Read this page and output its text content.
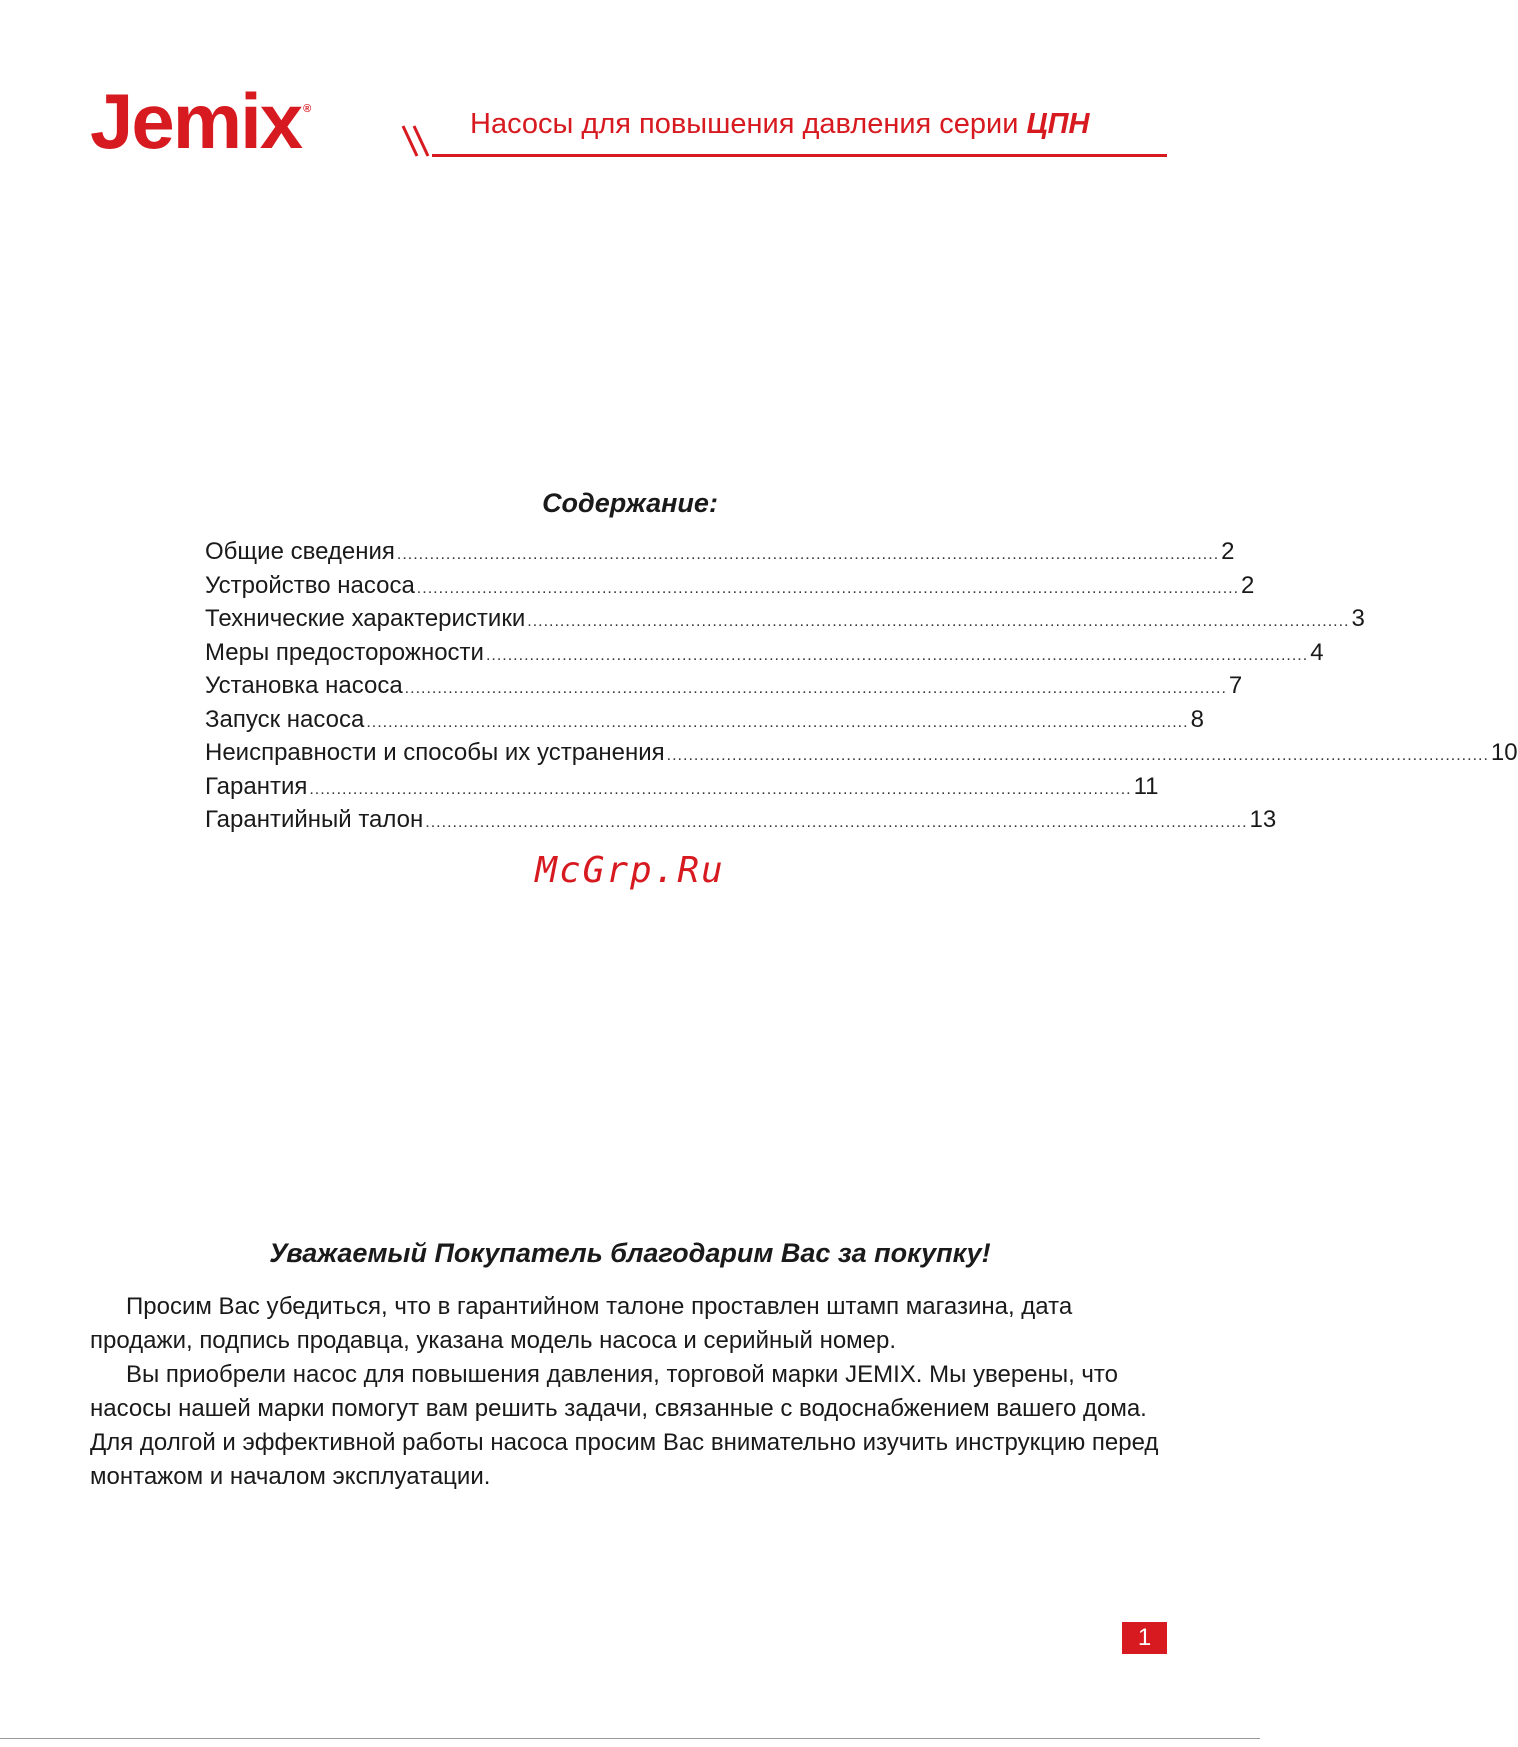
Jemix ®	Насосы для повышения давления серии ЦПН
Содержание:
Общие сведения ....................................................................................................................................................... 2
Устройство насоса ....................................................................................................................................................... 2
Технические характеристики ....................................................................................................................................................... 3
Меры предосторожности ....................................................................................................................................................... 4
Установка насоса ....................................................................................................................................................... 7
Запуск насоса ....................................................................................................................................................... 8
Неисправности и способы их устранения ....................................................................................................................................................... 10
Гарантия ....................................................................................................................................................... 11
Гарантийный талон ....................................................................................................................................................... 13
McGrp.Ru
Уважаемый Покупатель благодарим Вас за покупку!

Просим Вас убедиться, что в гарантийном талоне проставлен штамп магазина, дата продажи, подпись продавца, указана модель насоса и серийный номер.

Вы приобрели насос для повышения давления, торговой марки JEMIX. Мы уверены, что насосы нашей марки помогут вам решить задачи, связанные с водоснабжением вашего дома. Для долгой и эффективной работы насоса просим Вас внимательно изучить инструкцию перед монтажом и началом эксплуатации.

1
